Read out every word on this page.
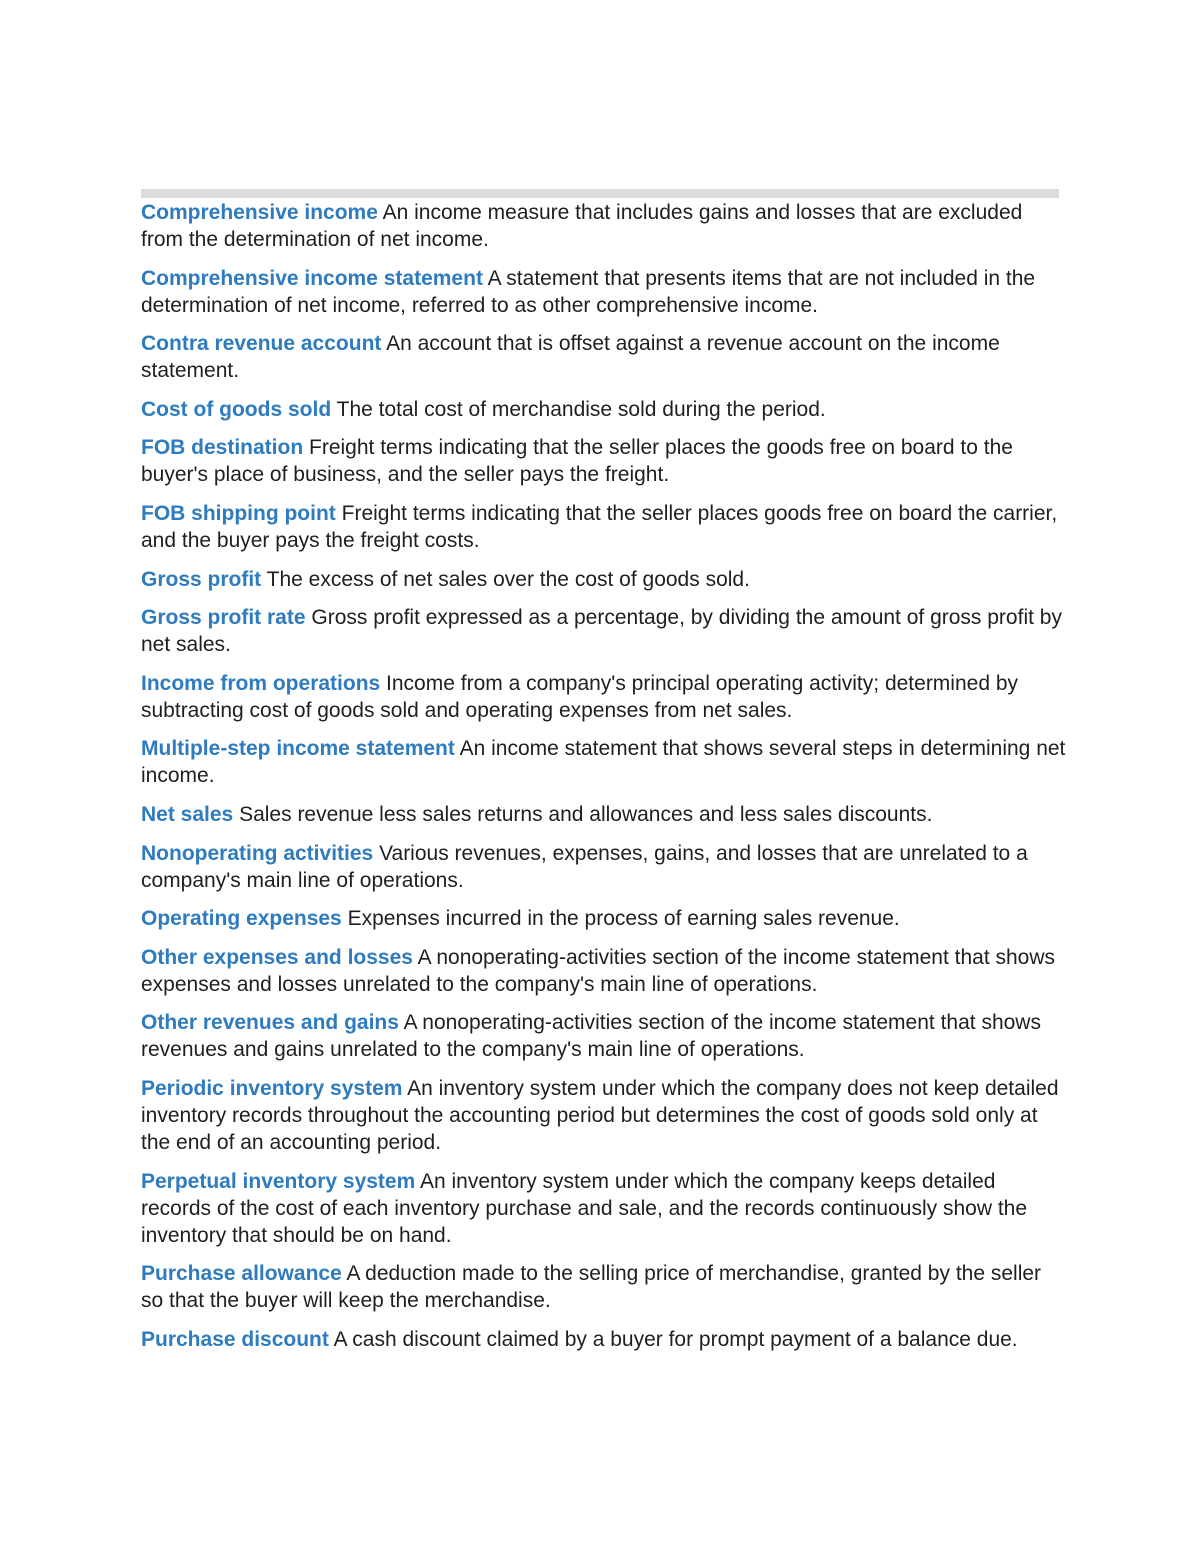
Comprehensive income An income measure that includes gains and losses that are excluded from the determination of net income.
Comprehensive income statement A statement that presents items that are not included in the determination of net income, referred to as other comprehensive income.
Contra revenue account An account that is offset against a revenue account on the income statement.
Cost of goods sold The total cost of merchandise sold during the period.
FOB destination Freight terms indicating that the seller places the goods free on board to the buyer's place of business, and the seller pays the freight.
FOB shipping point Freight terms indicating that the seller places goods free on board the carrier, and the buyer pays the freight costs.
Gross profit The excess of net sales over the cost of goods sold.
Gross profit rate Gross profit expressed as a percentage, by dividing the amount of gross profit by net sales.
Income from operations Income from a company's principal operating activity; determined by subtracting cost of goods sold and operating expenses from net sales.
Multiple-step income statement An income statement that shows several steps in determining net income.
Net sales Sales revenue less sales returns and allowances and less sales discounts.
Nonoperating activities Various revenues, expenses, gains, and losses that are unrelated to a company's main line of operations.
Operating expenses Expenses incurred in the process of earning sales revenue.
Other expenses and losses A nonoperating-activities section of the income statement that shows expenses and losses unrelated to the company's main line of operations.
Other revenues and gains A nonoperating-activities section of the income statement that shows revenues and gains unrelated to the company's main line of operations.
Periodic inventory system An inventory system under which the company does not keep detailed inventory records throughout the accounting period but determines the cost of goods sold only at the end of an accounting period.
Perpetual inventory system An inventory system under which the company keeps detailed records of the cost of each inventory purchase and sale, and the records continuously show the inventory that should be on hand.
Purchase allowance A deduction made to the selling price of merchandise, granted by the seller so that the buyer will keep the merchandise.
Purchase discount A cash discount claimed by a buyer for prompt payment of a balance due.
